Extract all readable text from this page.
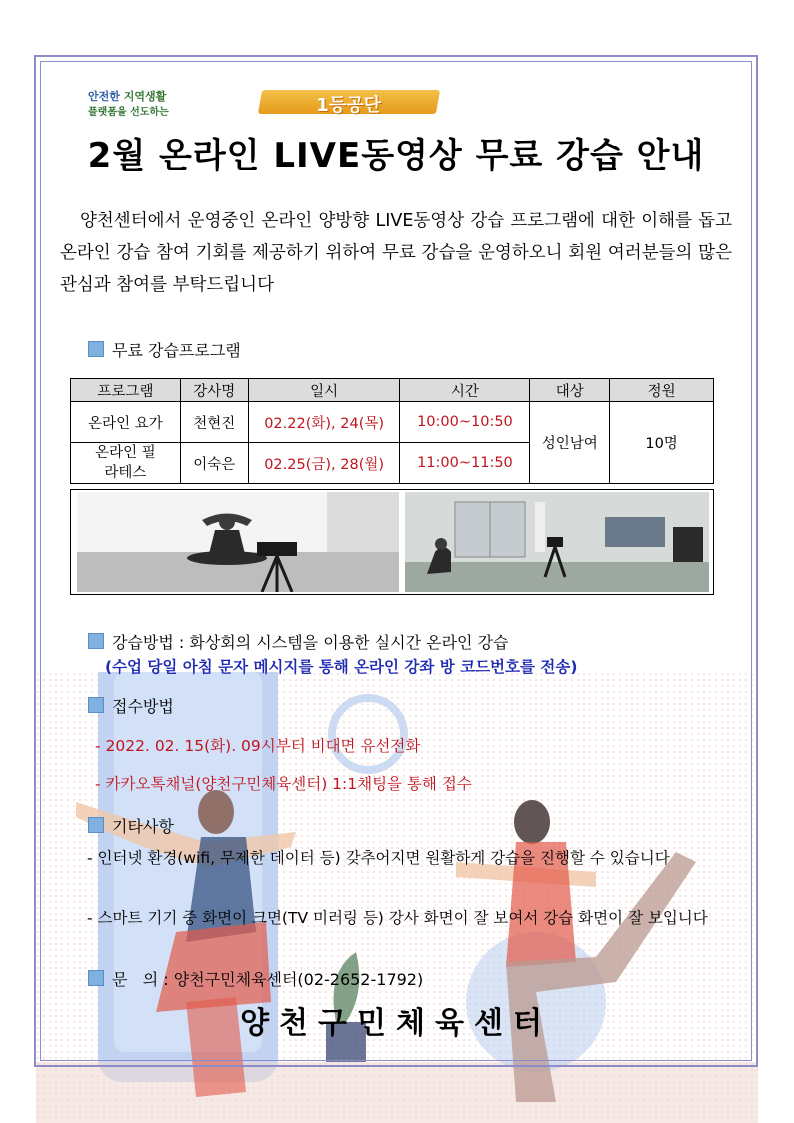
안전한 지역생활
플랫폼을 선도하는	1등공단
2월 온라인 LIVE동영상 무료 강습 안내

양천센터에서 운영중인 온라인 양방향 LIVE동영상 강습 프로그램에 대한 이해를 돕고 온라인 강습 참여 기회를 제공하기 위하여 무료 강습을 운영하오니 회원 여러분들의 많은 관심과 참여를 부탁드립니다

무료 강습프로그램
프로그램	강사명	일시	시간	대상	정원
온라인 요가	천현진	02.22(화), 24(목)	10:00~10:50	성인남여	10명

온라인 필라테스	이숙은	02.25(금), 28(월)	11:00~11:50		
강습방법 : 화상회의 시스템을 이용한 실시간 온라인 강습
(수업 당일 아침 문자 메시지를 통해 온라인 강좌 방 코드번호를 전송)
접수방법
- 2022. 02. 15(화). 09시부터 비대면 유선전화
- 카카오톡채널(양천구민체육센터) 1:1채팅을 통해 접수
기타사항
- 인터넷 환경(wifi, 무제한 데이터 등) 갖추어지면 원활하게 강습을 진행할 수 있습니다
- 스마트 기기 중 화면이 크면(TV 미러링 등) 강사 화면이 잘 보여서 강습 화면이 잘 보입니다
문   의 : 양천구민체육센터(02-2652-1792)
양천구민체육센터
